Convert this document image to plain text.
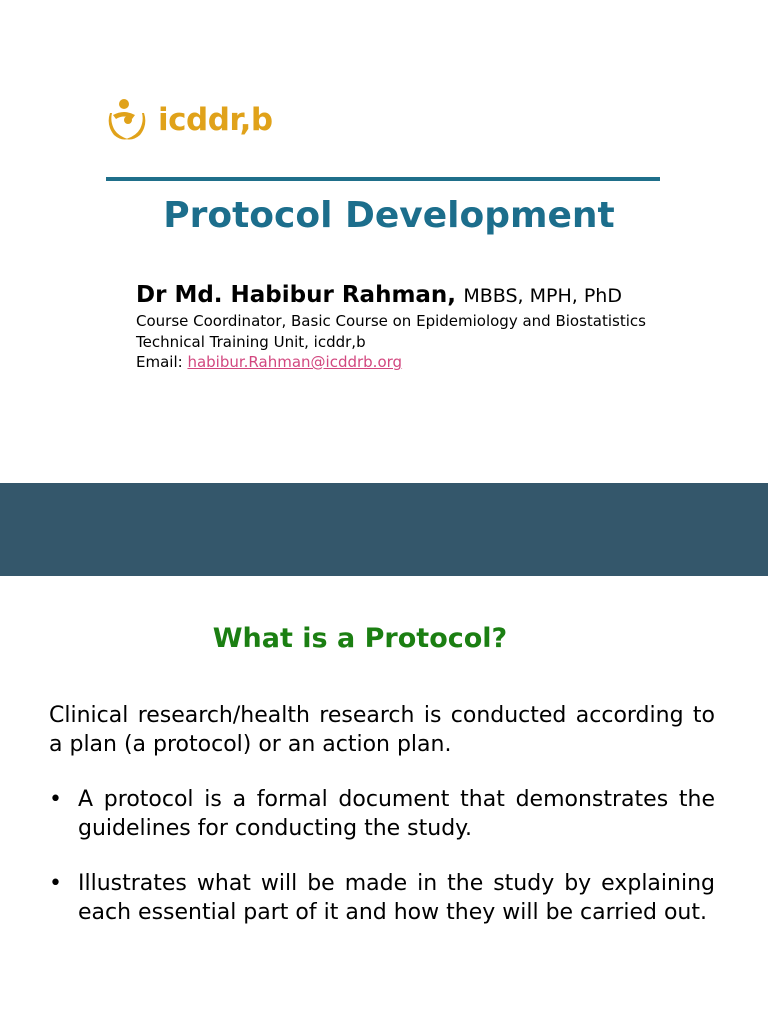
icddr,b
Protocol Development
Dr Md. Habibur Rahman, MBBS, MPH, PhD
Course Coordinator, Basic Course on Epidemiology and Biostatistics
Technical Training Unit, icddr,b
Email: habibur.Rahman@icddrb.org
What is a Protocol?

Clinical research/health research is conducted according to a plan (a protocol) or an action plan.

• A protocol is a formal document that demonstrates the guidelines for conducting the study.
• Illustrates what will be made in the study by explaining each essential part of it and how they will be carried out.
